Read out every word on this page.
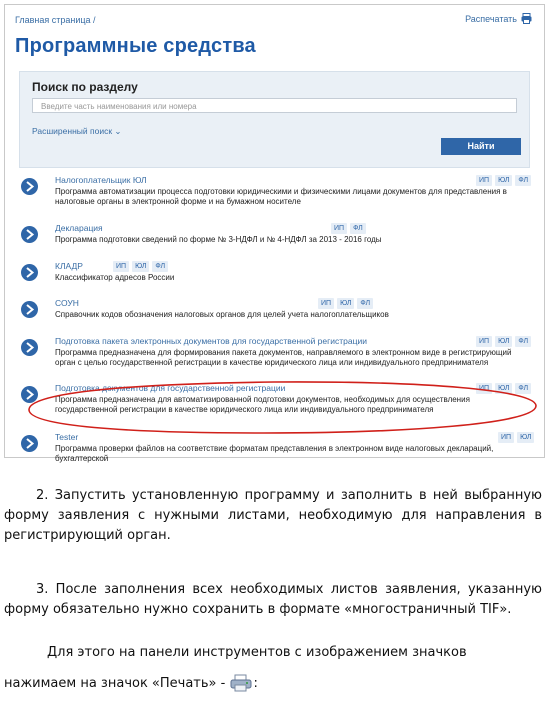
Главная страница /	Распечатать
Программные средства
Поиск по разделу
Введите часть наименования или номера
Расширенный поиск ⌄
Найти
Налогоплательщик ЮЛ	ИП	ЮЛ	ФЛ
Программа автоматизации процесса подготовки юридическими и физическими лицами документов для представления в налоговые органы в электронной форме и на бумажном носителе
Декларация	ИП	ФЛ
Программа подготовки сведений по форме № 3-НДФЛ и № 4-НДФЛ за 2013 - 2016 годы
КЛАДР	ИП	ЮЛ	ФЛ
Классификатор адресов России
СОУН	ИП	ЮЛ	ФЛ
Справочник кодов обозначения налоговых органов для целей учета налогоплательщиков
Подготовка пакета электронных документов для государственной регистрации	ИП	ЮЛ	ФЛ
Программа предназначена для формирования пакета документов, направляемого в электронном виде в регистрирующий орган с целью государственной регистрации в качестве юридического лица или индивидуального предпринимателя
Подготовка документов для государственной регистрации	ИП	ЮЛ	ФЛ
Программа предназначена для автоматизированной подготовки документов, необходимых для осуществления государственной регистрации в качестве юридического лица или индивидуального предпринимателя
Tester	ИП	ЮЛ
Программа проверки файлов на соответствие форматам представления в электронном виде налоговых деклараций, бухгалтерской
2. Запустить установленную программу и заполнить в ней выбранную форму заявления с нужными листами, необходимую для направления в регистрирующий орган.
3. После заполнения всех необходимых листов заявления, указанную форму обязательно нужно сохранить в формате «многостраничный TIF».
Для этого на панели инструментов с изображением значков
нажимаем на значок «Печать» - :
